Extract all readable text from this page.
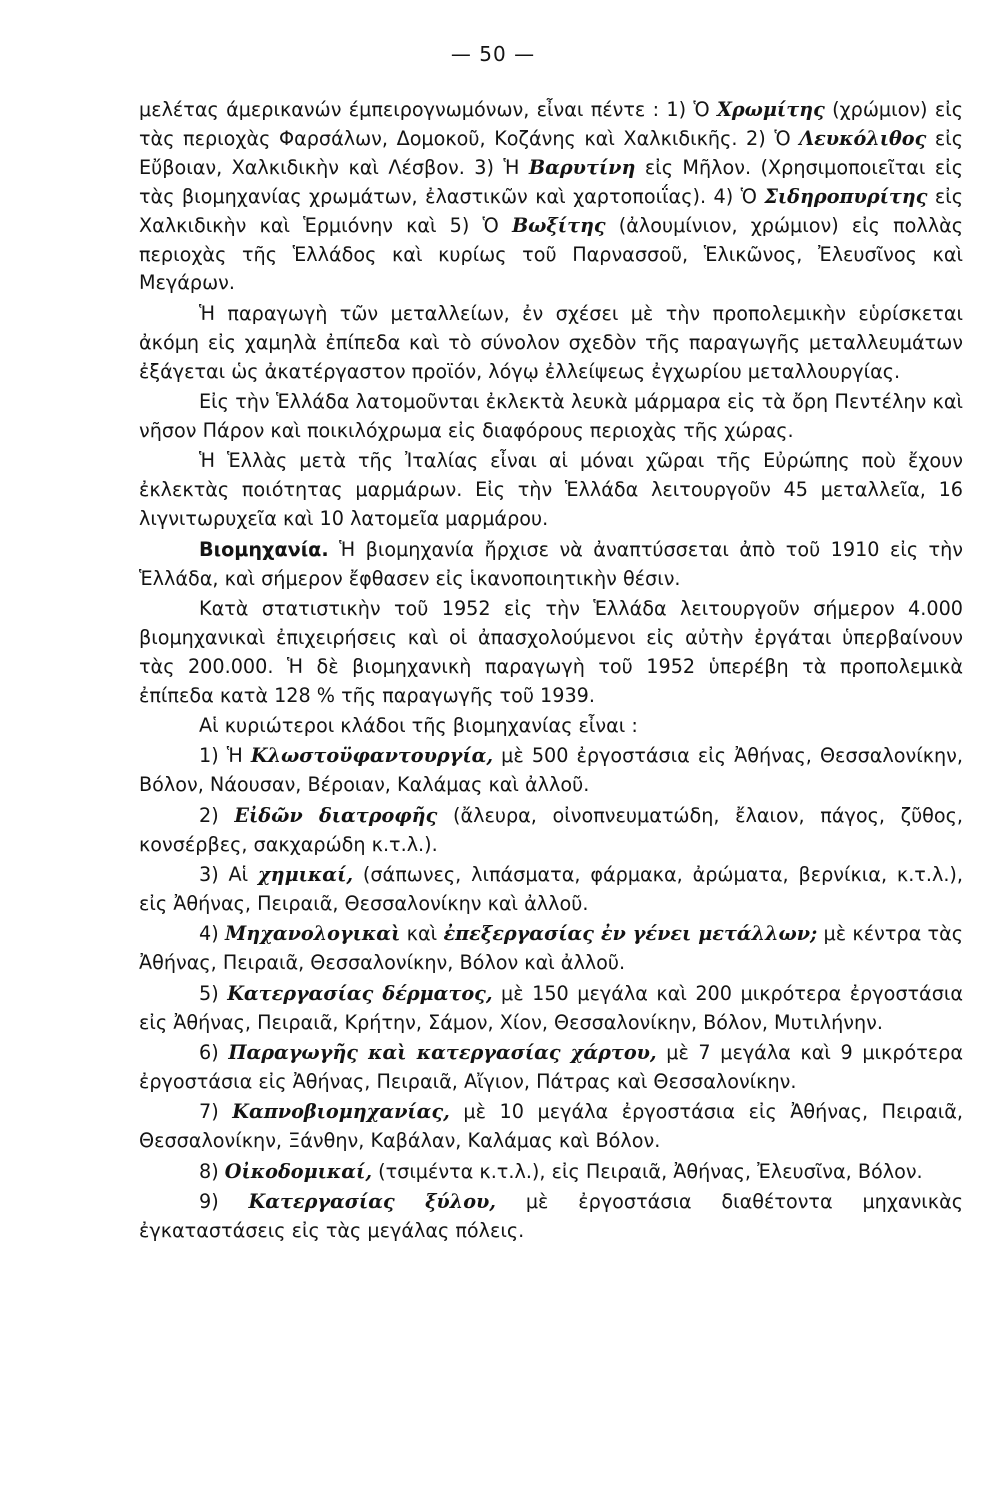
— 50 —

μελέτας άμερικανών έμπειρογνωμόνων, εἶναι πέντε : 1) Ὁ Χρωμίτης (χρώμιον) εἰς τὰς περιοχὰς Φαρσάλων, Δομοκοῦ, Κοζάνης καὶ Χαλκιδικῆς. 2) Ὁ Λευκόλιθος εἰς Εὔβοιαν, Χαλκιδικὴν καὶ Λέσβον. 3) Ἡ Βαρυτίνη εἰς Μῆλον. (Χρησιμοποιεῖται εἰς τὰς βιομηχανίας χρωμάτων, ἐλαστικῶν καὶ χαρτοποιΐας). 4) Ὁ Σιδηροπυρίτης εἰς Χαλκιδικὴν καὶ Ἑρμιόνην καὶ 5) Ὁ Βωξίτης (ἀλουμίνιον, χρώμιον) εἰς πολλὰς περιοχὰς τῆς Ἑλλάδος καὶ κυρίως τοῦ Παρνασσοῦ, Ἑλικῶνος, Ἐλευσῖνος καὶ Μεγάρων.

Ἡ παραγωγὴ τῶν μεταλλείων, ἐν σχέσει μὲ τὴν προπολεμικὴν εὑρίσκεται ἀκόμη εἰς χαμηλὰ ἐπίπεδα καὶ τὸ σύνολον σχεδὸν τῆς παραγωγῆς μεταλλευμάτων ἐξάγεται ὡς ἀκατέργαστον προϊόν, λόγῳ ἐλλείψεως ἐγχωρίου μεταλλουργίας.

Εἰς τὴν Ἑλλάδα λατομοῦνται ἐκλεκτὰ λευκὰ μάρμαρα εἰς τὰ ὄρη Πεντέλην καὶ νῆσον Πάρον καὶ ποικιλόχρωμα εἰς διαφόρους περιοχὰς τῆς χώρας.

Ἡ Ἑλλὰς μετὰ τῆς Ἰταλίας εἶναι αἱ μόναι χῶραι τῆς Εὐρώπης ποὺ ἔχουν ἐκλεκτὰς ποιότητας μαρμάρων. Εἰς τὴν Ἑλλάδα λειτουργοῦν 45 μεταλλεῖα, 16 λιγνιτωρυχεῖα καὶ 10 λατομεῖα μαρμάρου.

Βιομηχανία. Ἡ βιομηχανία ἤρχισε νὰ ἀναπτύσσεται ἀπὸ τοῦ 1910 εἰς τὴν Ἑλλάδα, καὶ σήμερον ἔφθασεν εἰς ἱκανοποιητικὴν θέσιν.

Κατὰ στατιστικὴν τοῦ 1952 εἰς τὴν Ἑλλάδα λειτουργοῦν σήμερον 4.000 βιομηχανικαὶ ἐπιχειρήσεις καὶ οἱ ἀπασχολούμενοι εἰς αὐτὴν ἐργάται ὑπερβαίνουν τὰς 200.000. Ἡ δὲ βιομηχανικὴ παραγωγὴ τοῦ 1952 ὑπερέβη τὰ προπολεμικὰ ἐπίπεδα κατὰ 128 % τῆς παραγωγῆς τοῦ 1939.

Αἱ κυριώτεροι κλάδοι τῆς βιομηχανίας εἶναι :

1) Ἡ Κλωστοϋφαντουργία, μὲ 500 ἐργοστάσια εἰς Ἀθήνας, Θεσσαλονίκην, Βόλον, Νάουσαν, Βέροιαν, Καλάμας καὶ ἀλλοῦ.

2) Εἰδῶν διατροφῆς (ἄλευρα, οἰνοπνευματώδη, ἔλαιον, πάγος, ζῦθος, κονσέρβες, σακχαρώδη κ.τ.λ.).

3) Αἱ χημικαί, (σάπωνες, λιπάσματα, φάρμακα, ἀρώματα, βερνίκια, κ.τ.λ.), εἰς Ἀθήνας, Πειραιᾶ, Θεσσαλονίκην καὶ ἀλλοῦ.

4) Μηχανολογικαὶ καὶ ἐπεξεργασίας ἐν γένει μετάλλων; μὲ κέντρα τὰς Ἀθήνας, Πειραιᾶ, Θεσσαλονίκην, Βόλον καὶ ἀλλοῦ.

5) Κατεργασίας δέρματος, μὲ 150 μεγάλα καὶ 200 μικρότερα ἐργοστάσια εἰς Ἀθήνας, Πειραιᾶ, Κρήτην, Σάμον, Χίον, Θεσσαλονίκην, Βόλον, Μυτιλήνην.

6) Παραγωγῆς καὶ κατεργασίας χάρτου, μὲ 7 μεγάλα καὶ 9 μικρότερα ἐργοστάσια εἰς Ἀθήνας, Πειραιᾶ, Αἴγιον, Πάτρας καὶ Θεσσαλονίκην.

7) Καπνοβιομηχανίας, μὲ 10 μεγάλα ἐργοστάσια εἰς Ἀθήνας, Πειραιᾶ, Θεσσαλονίκην, Ξάνθην, Καβάλαν, Καλάμας καὶ Βόλον.

8) Οἰκοδομικαί, (τσιμέντα κ.τ.λ.), εἰς Πειραιᾶ, Ἀθήνας, Ἐλευσῖνα, Βόλον.

9) Κατεργασίας ξύλου, μὲ ἐργοστάσια διαθέτοντα μηχανικὰς ἐγκαταστάσεις εἰς τὰς μεγάλας πόλεις.
